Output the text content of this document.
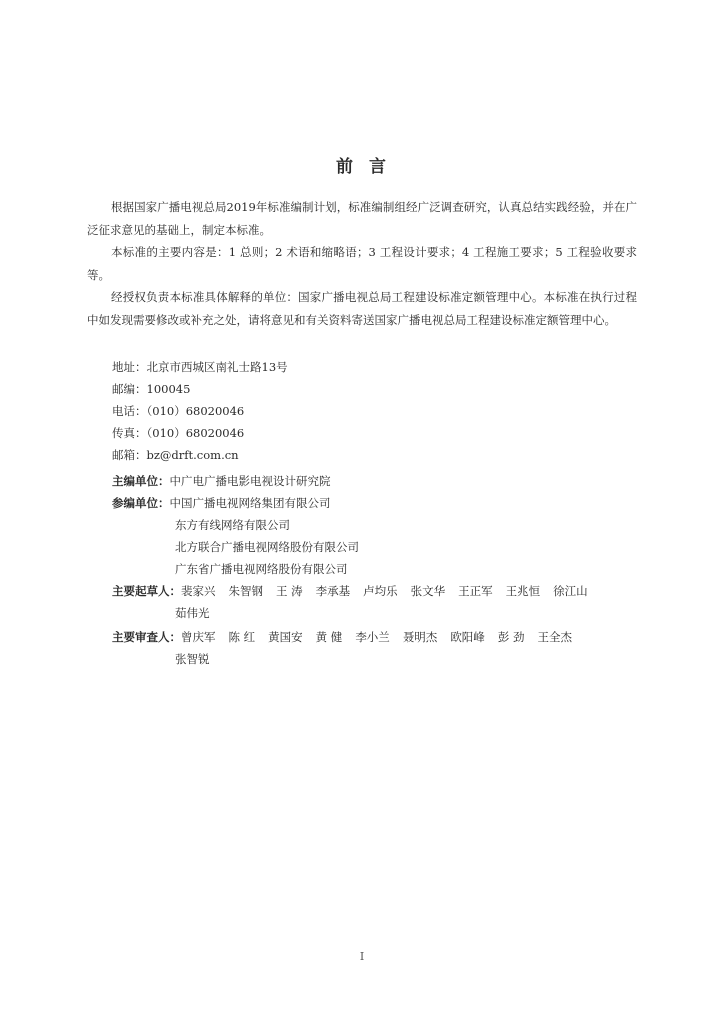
前 言
根据国家广播电视总局2019年标准编制计划，标准编制组经广泛调查研究，认真总结实践经验，并在广泛征求意见的基础上，制定本标准。
本标准的主要内容是：1 总则；2 术语和缩略语；3 工程设计要求；4 工程施工要求；5 工程验收要求等。
经授权负责本标准具体解释的单位：国家广播电视总局工程建设标准定额管理中心。本标准在执行过程中如发现需要修改或补充之处，请将意见和有关资料寄送国家广播电视总局工程建设标准定额管理中心。
地址：北京市西城区南礼士路13号
邮编：100045
电话：（010）68020046
传真：（010）68020046
邮箱：bz@drft.com.cn
主编单位：中广电广播电影电视设计研究院
参编单位：中国广播电视网络集团有限公司
东方有线网络有限公司
北方联合广播电视网络股份有限公司
广东省广播电视网络股份有限公司
主要起草人：裴家兴 朱智钢 王 涛 李承基 卢均乐 张文华 王正军 王兆恒 徐江山
茹伟光
主要审查人：曾庆军 陈 红 黄国安 黄 健 李小兰 聂明杰 欧阳峰 彭 劲 王全杰
张智锐
I
